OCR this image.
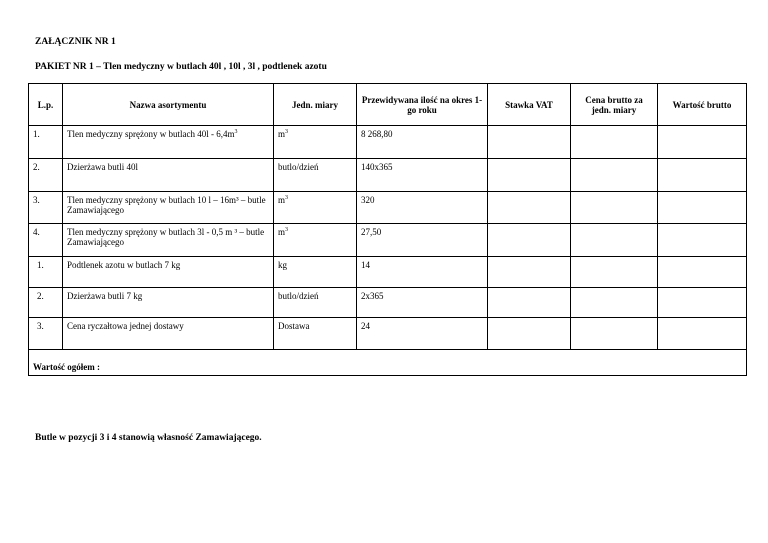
ZAŁĄCZNIK NR 1
PAKIET NR 1 – Tlen medyczny w butlach 40l , 10l , 3l , podtlenek azotu
L.p.	Nazwa asortymentu	Jedn. miary	Przewidywana ilość na okres 1-go roku	Stawka VAT	Cena brutto za jedn. miary	Wartość brutto
1.	Tlen medyczny sprężony w butlach $40l - 6,4m^3$	$m^3$	8 268,80			
2.	Dzierżawa butli 40l	butlo/dzień	140x365			
3.	Tlen medyczny sprężony w butlach 10 l – 16m³ – butle Zamawiającego	$m^3$	320			
4.	Tlen medyczny sprężony w butlach 3l - 0,5 m ³ – butle Zamawiającego	$m^3$	27,50			
1.	Podtlenek azotu w butlach 7 kg	kg	14			
2.	Dzierżawa butli 7 kg	butlo/dzień	2x365			
3.	Cena ryczałtowa jednej dostawy	Dostawa	24			
Wartość ogółem :						
Butle w pozycji 3 i 4 stanowią własność Zamawiającego.
